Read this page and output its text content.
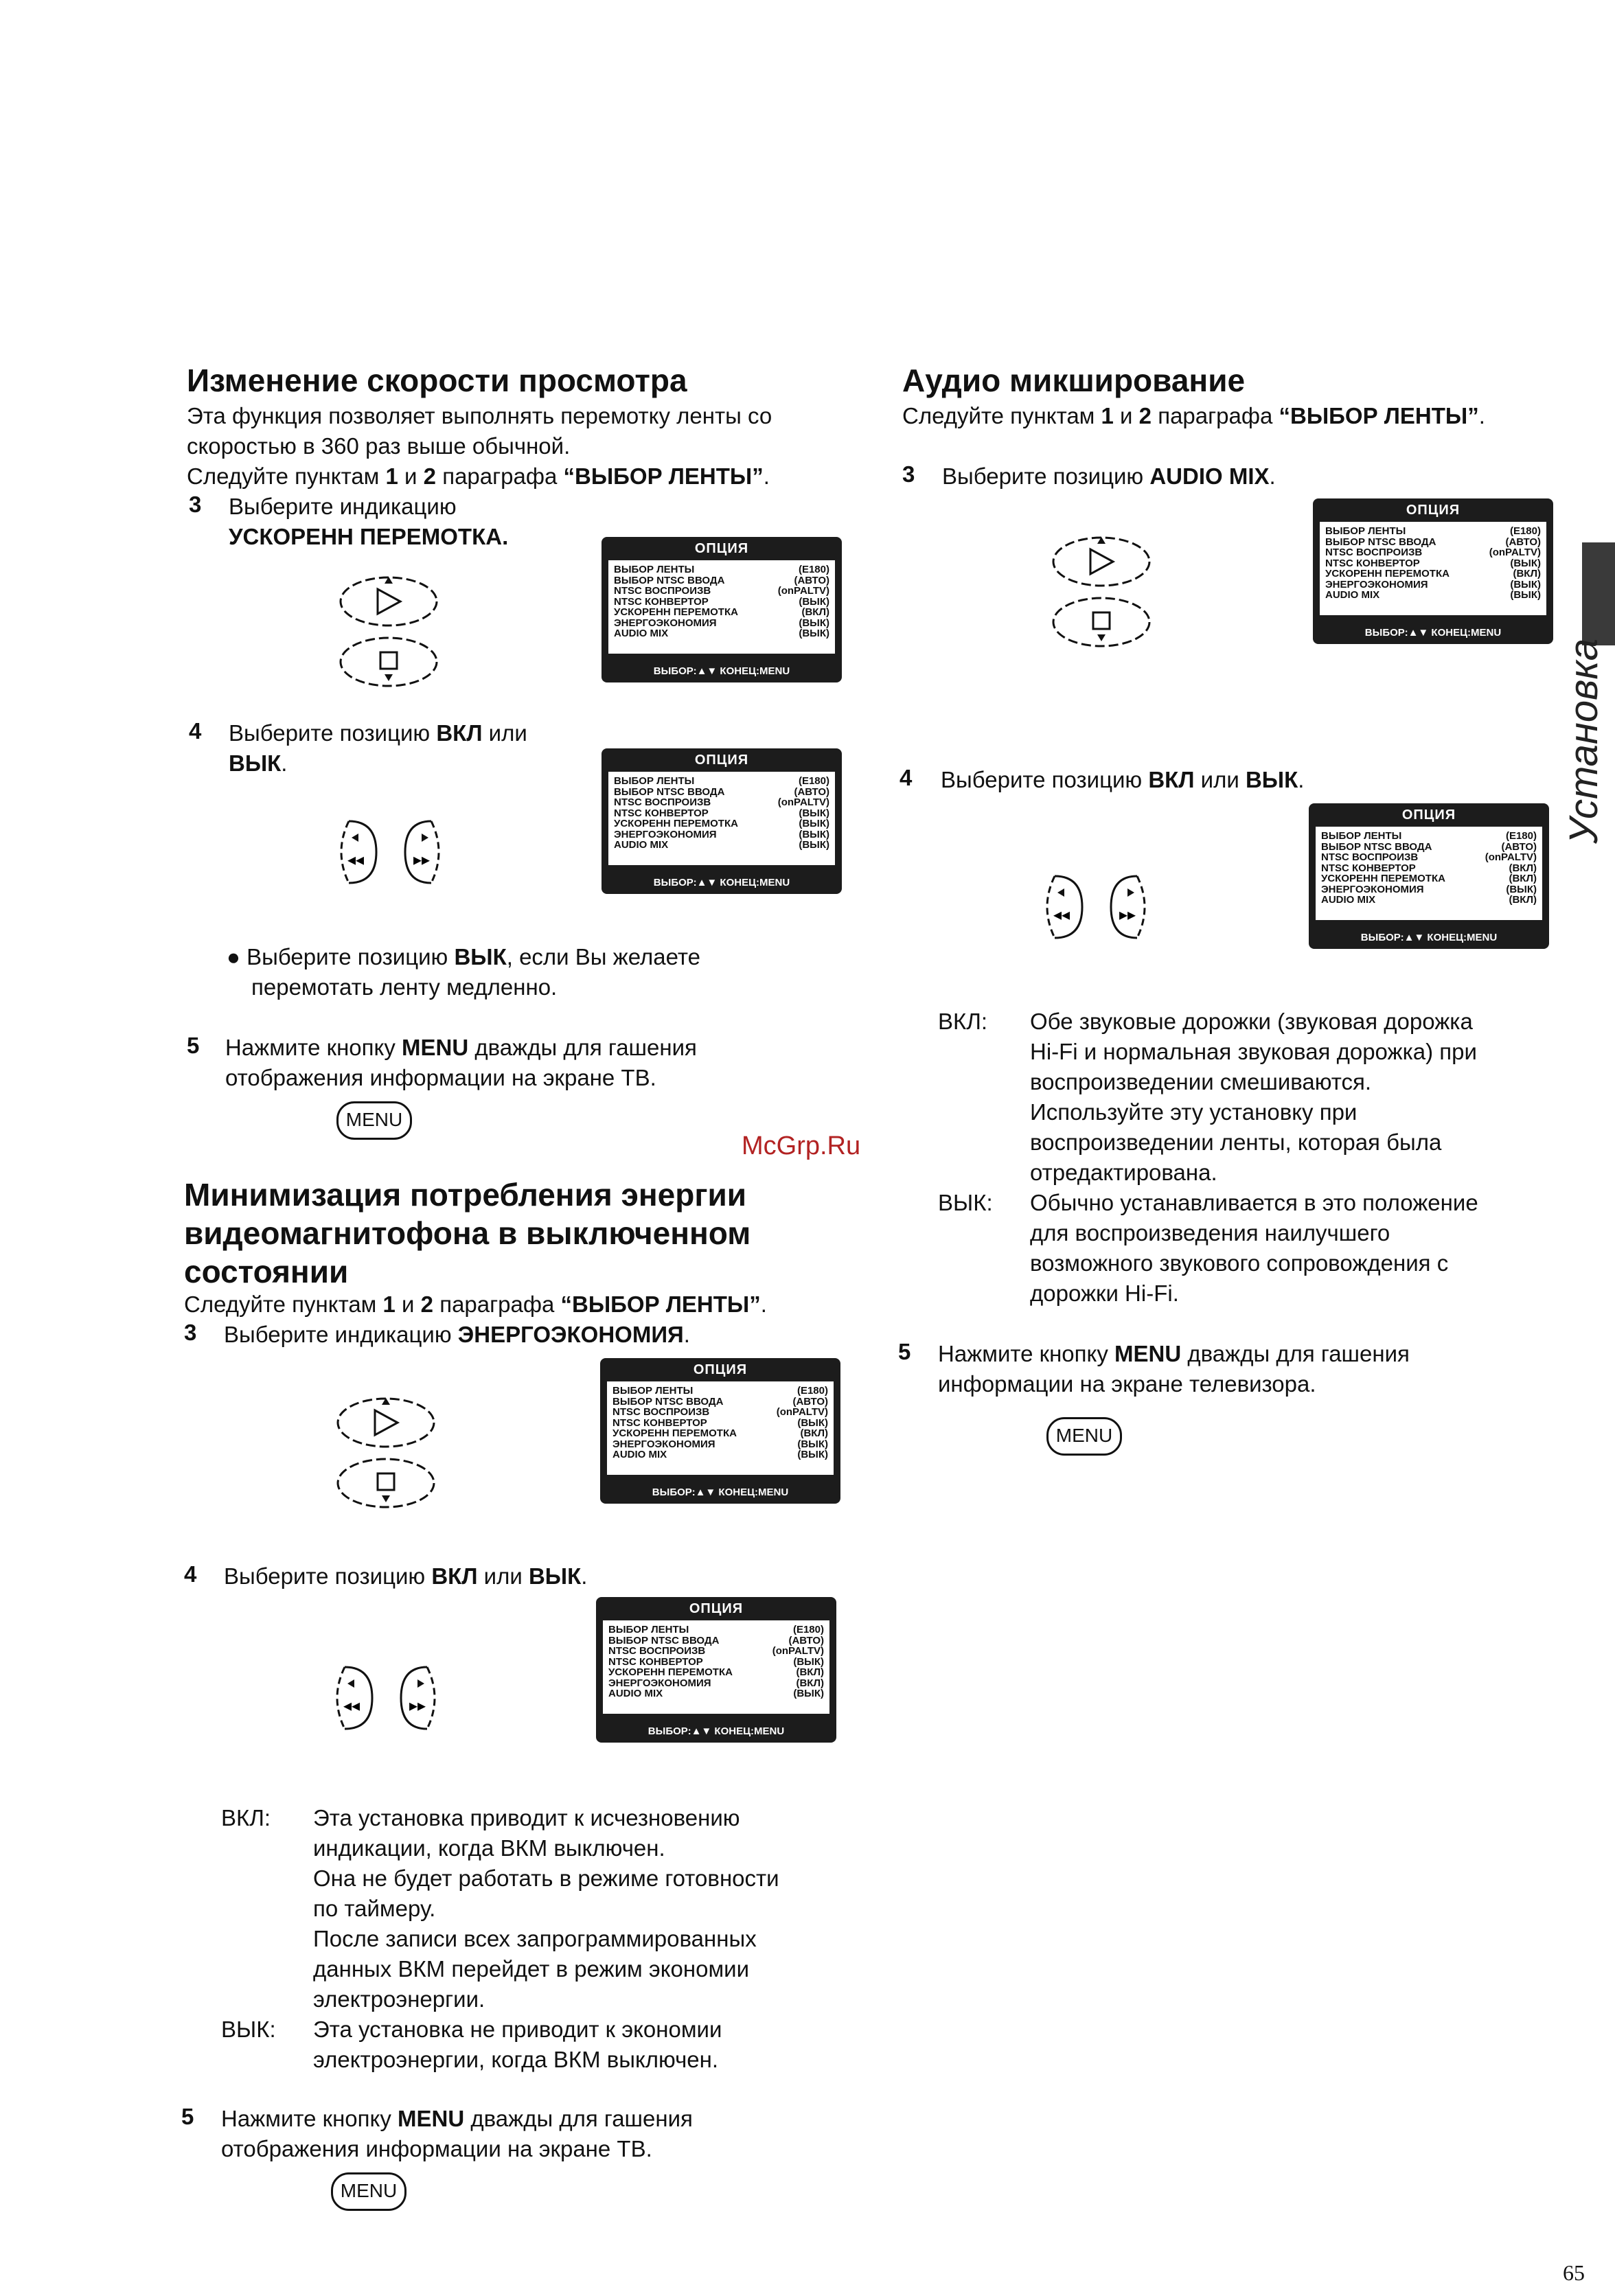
Изменение скорости просмотра

Эта функция позволяет выполнять перемотку ленты со

скоростью в 360 раз выше обычной.

Следуйте пунктам 1 и 2 параграфа “ВЫБОР ЛЕНТЫ”.

3 Выберите индикацию

УСКОРЕНН ПЕРЕМОТКА.	ОПЦИЯ
ВЫБОР ЛЕНТЫ	(E180)
ВЫБОР NTSC ВВОДА	(АВТО)
NTSC ВОСПРОИЗВ	(onPALTV)
NTSC КОНВЕРТОР	(ВЫК)
УСКОРЕНН ПЕРЕМОТКА	(ВКЛ)
ЭНЕРГОЭКОНОМИЯ	(ВЫК)
AUDIO MIX	(ВЫК)
ВЫБОР:▲▼ КОНЕЦ:MENU
4 Выберите позицию ВКЛ или

ВЫК.

◂◂	▸▸
ОПЦИЯ
ВЫБОР ЛЕНТЫ	(E180)
ВЫБОР NTSC ВВОДА	(АВТО)
NTSC ВОСПРОИЗВ	(onPALTV)
NTSC КОНВЕРТОР	(ВЫК)
УСКОРЕНН ПЕРЕМОТКА	(ВЫК)
ЭНЕРГОЭКОНОМИЯ	(ВЫК)
AUDIO MIX	(ВЫК)
ВЫБОР:▲▼ КОНЕЦ:MENU

● Выберите позицию ВЫК, если Вы желаете

перемотать ленту медленно.

5 Нажмите кнопку MENU дважды для гашения

отображения информации на экране ТВ.

MENU
McGrp.Ru
Минимизация потребления энергии
видеомагнитофона в выключенном
состоянии

Следуйте пунктам 1 и 2 параграфа “ВЫБОР ЛЕНТЫ”.

3 Выберите индикацию ЭНЕРГОЭКОНОМИЯ.

ОПЦИЯ
ВЫБОР ЛЕНТЫ	(E180)
ВЫБОР NTSC ВВОДА	(АВТО)
NTSC ВОСПРОИЗВ	(onPALTV)
NTSC КОНВЕРТОР	(ВЫК)
УСКОРЕНН ПЕРЕМОТКА	(ВКЛ)
ЭНЕРГОЭКОНОМИЯ	(ВЫК)
AUDIO MIX	(ВЫК)
ВЫБОР:▲▼ КОНЕЦ:MENU
4 Выберите позицию ВКЛ или ВЫК.

◂◂	▸▸
ОПЦИЯ
ВЫБОР ЛЕНТЫ	(E180)
ВЫБОР NTSC ВВОДА	(АВТО)
NTSC ВОСПРОИЗВ	(onPALTV)
NTSC КОНВЕРТОР	(ВЫК)
УСКОРЕНН ПЕРЕМОТКА	(ВКЛ)
ЭНЕРГОЭКОНОМИЯ	(ВКЛ)
AUDIO MIX	(ВЫК)
ВЫБОР:▲▼ КОНЕЦ:MENU
ВКЛ: Эта установка приводит к исчезновению
индикации, когда ВКМ выключен.
Она не будет работать в режиме готовности
по таймеру.
После записи всех запрограммированных
данных ВКМ перейдет в режим экономии
электроэнергии.
ВЫК: Эта установка не приводит к экономии
электроэнергии, когда ВКМ выключен.
5 Нажмите кнопку MENU дважды для гашения

отображения информации на экране ТВ.

MENU
Аудио микширование

Следуйте пунктам 1 и 2 параграфа “ВЫБОР ЛЕНТЫ”.

3 Выберите позицию AUDIO MIX.

ОПЦИЯ
ВЫБОР ЛЕНТЫ	(E180)
ВЫБОР NTSC ВВОДА	(АВТО)
NTSC ВОСПРОИЗВ	(onPALTV)
NTSC КОНВЕРТОР	(ВЫК)
УСКОРЕНН ПЕРЕМОТКА	(ВКЛ)
ЭНЕРГОЭКОНОМИЯ	(ВЫК)
AUDIO MIX	(ВЫК)
ВЫБОР:▲▼ КОНЕЦ:MENU
4 Выберите позицию ВКЛ или ВЫК.

◂◂	▸▸
ОПЦИЯ
ВЫБОР ЛЕНТЫ	(E180)
ВЫБОР NTSC ВВОДА	(АВТО)
NTSC ВОСПРОИЗВ	(onPALTV)
NTSC КОНВЕРТОР	(ВКЛ)
УСКОРЕНН ПЕРЕМОТКА	(ВКЛ)
ЭНЕРГОЭКОНОМИЯ	(ВЫК)
AUDIO MIX	(ВКЛ)
ВЫБОР:▲▼ КОНЕЦ:MENU
ВКЛ: Обе звуковые дорожки (звуковая дорожка
Hi-Fi и нормальная звуковая дорожка) при
воспроизведении смешиваются.
Используйте эту установку при
воспроизведении ленты, которая была
отредактирована.
ВЫК: Обычно устанавливается в это положение
для воспроизведения наилучшего
возможного звукового сопровождения с
дорожки Hi-Fi.
5 Нажмите кнопку MENU дважды для гашения

информации на экране телевизора.

MENU
Установка
65
